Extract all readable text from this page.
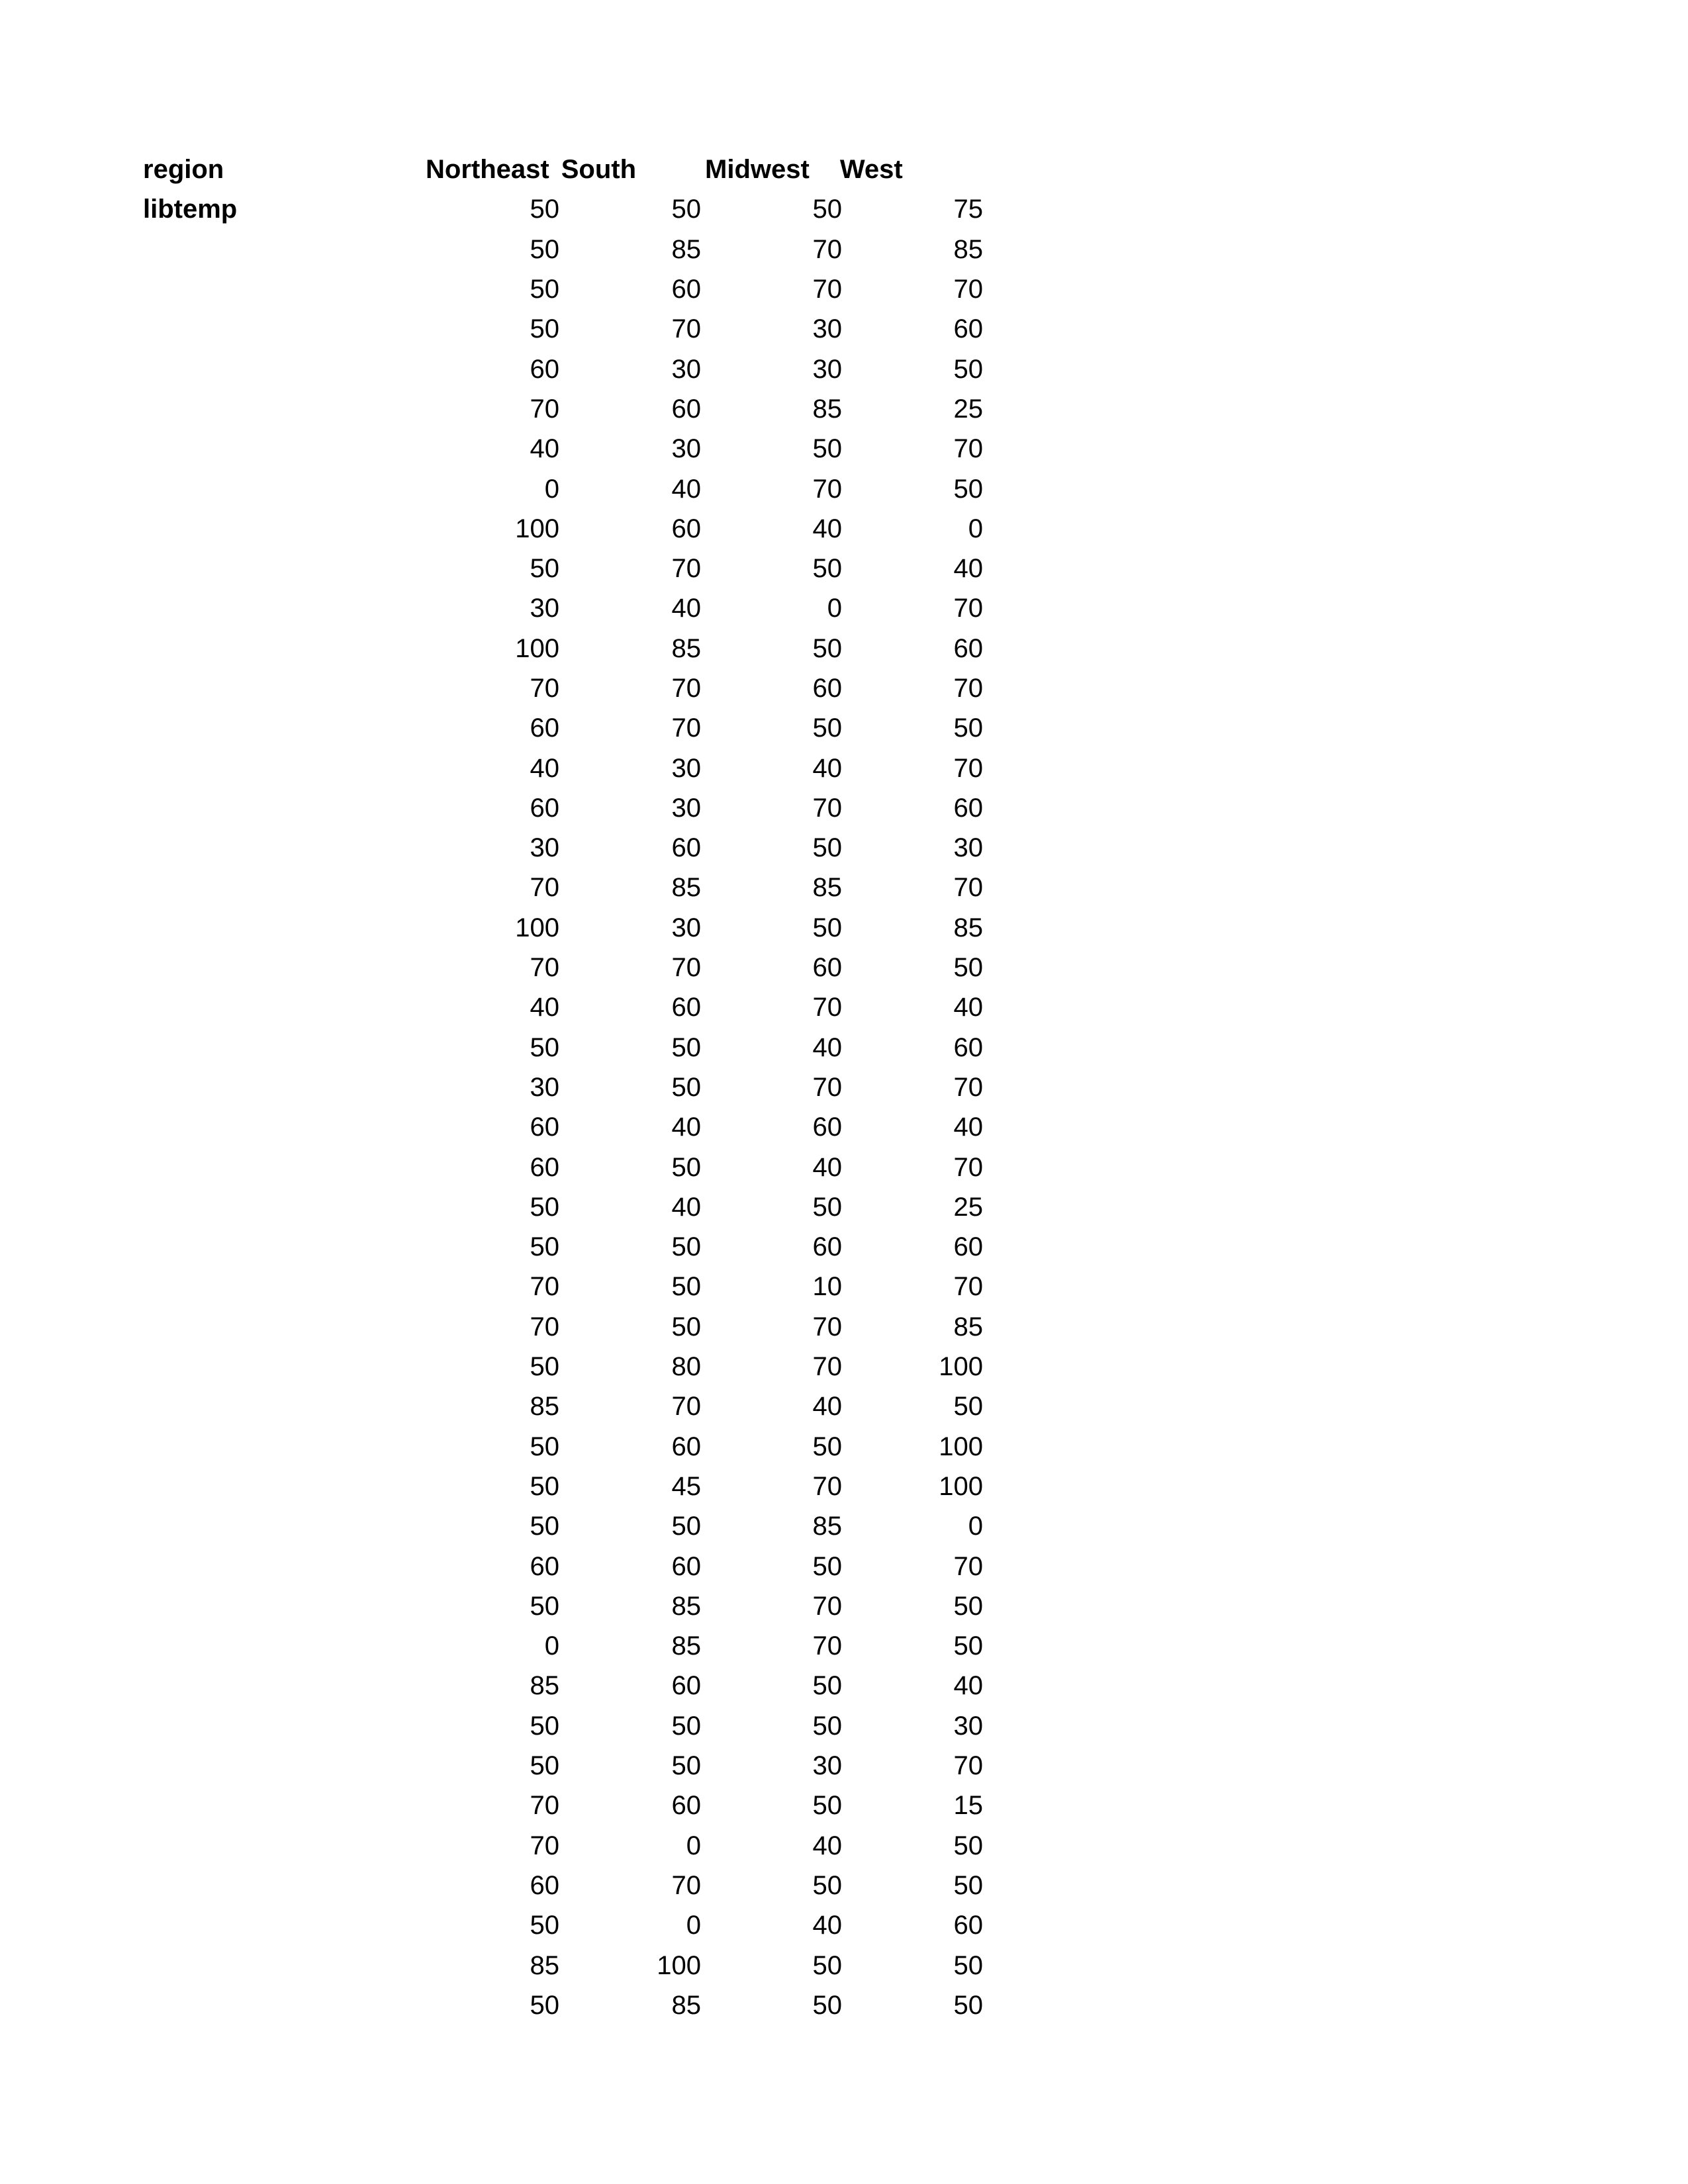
region	Northeast South Midwest West			
libtemp	50	50	50	75
	50	85	70	85
	50	60	70	70
	50	70	30	60
	60	30	30	50
	70	60	85	25
	40	30	50	70
	0	40	70	50
	100	60	40	0
	50	70	50	40
	30	40	0	70
	100	85	50	60
	70	70	60	70
	60	70	50	50
	40	30	40	70
	60	30	70	60
	30	60	50	30
	70	85	85	70
	100	30	50	85
	70	70	60	50
	40	60	70	40
	50	50	40	60
	30	50	70	70
	60	40	60	40
	60	50	40	70
	50	40	50	25
	50	50	60	60
	70	50	10	70
	70	50	70	85
	50	80	70	100
	85	70	40	50
	50	60	50	100
	50	45	70	100
	50	50	85	0
	60	60	50	70
	50	85	70	50
	0	85	70	50
	85	60	50	40
	50	50	50	30
	50	50	30	70
	70	60	50	15
	70	0	40	50
	60	70	50	50
	50	0	40	60
	85	100	50	50
	50	85	50	50
